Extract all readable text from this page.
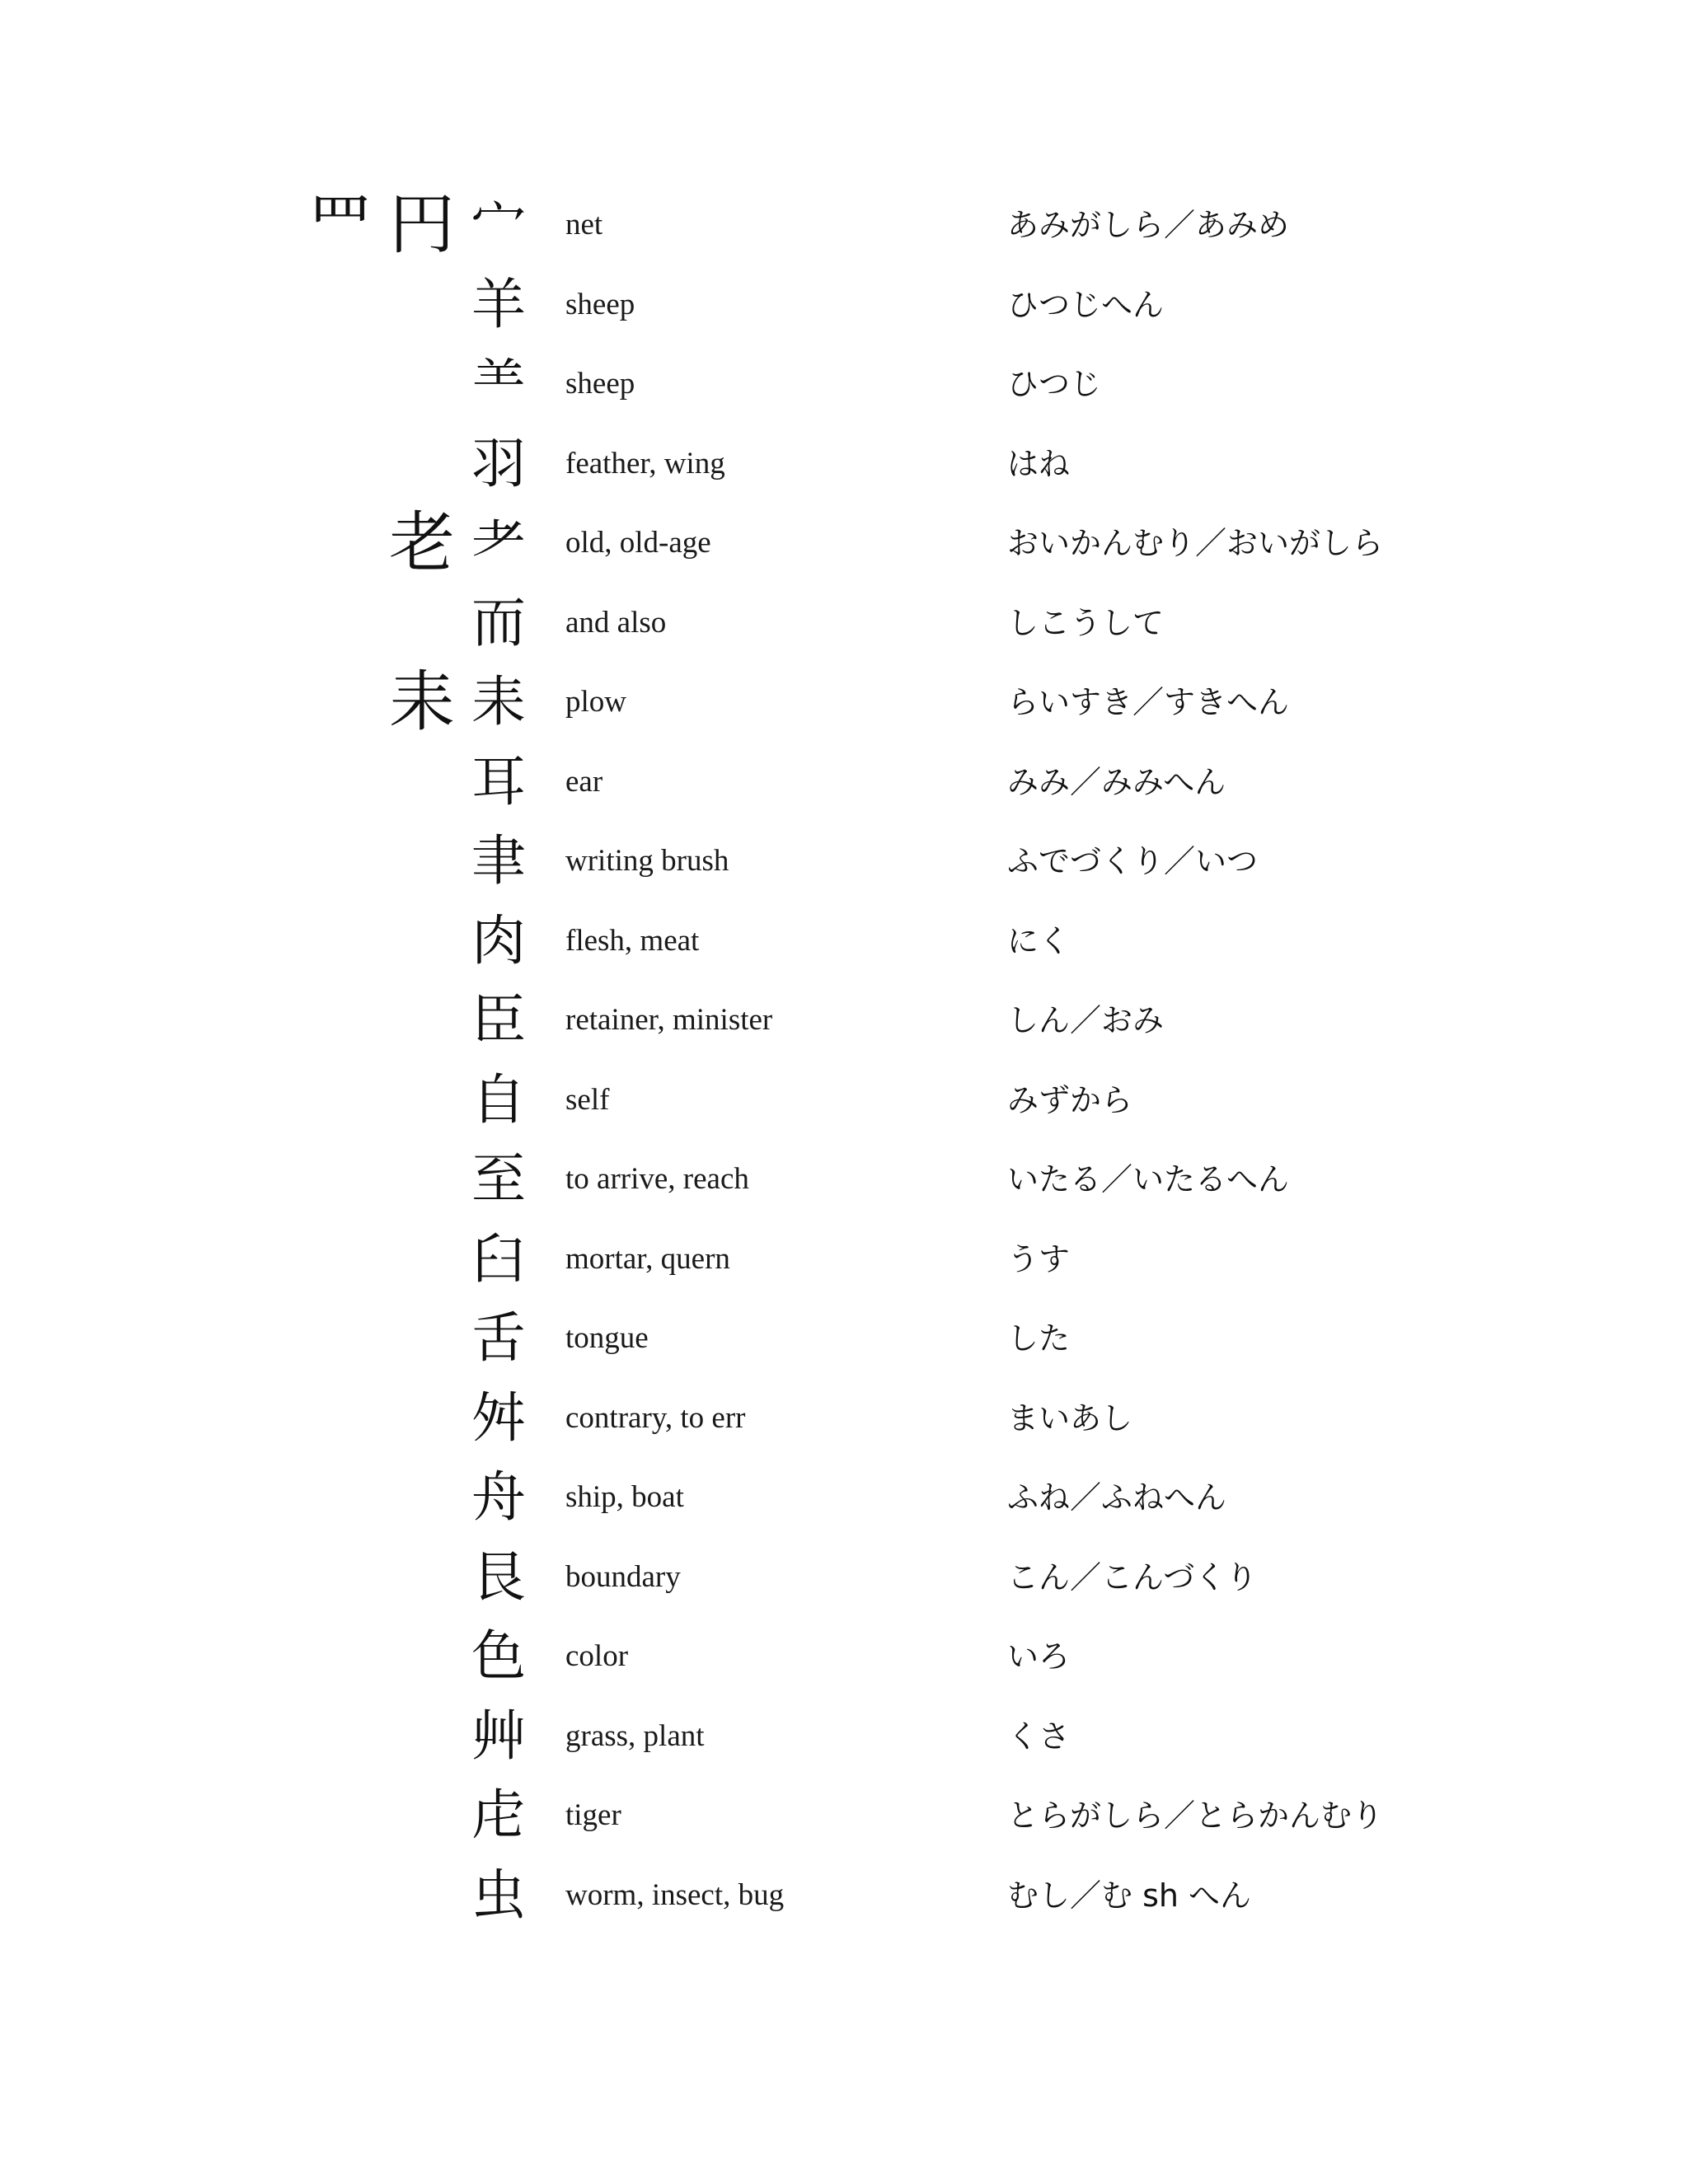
罒 円 宀 net	あみがしら／あみめ
羊 sheep	ひつじへん
⺷ sheep	ひつじ
羽 feather, wing	はね
老 耂 old, old-age	おいかんむり／おいがしら
而 and also	しこうして
耒 耒 plow	らいすき／すきへん
耳 ear	みみ／みみへん
聿 writing brush	ふでづくり／いつ
肉 flesh, meat	にく
臣 retainer, minister	しん／おみ
自 self	みずから
至 to arrive, reach	いたる／いたるへん
臼 mortar, quern	うす
舌 tongue	した
舛 contrary, to err	まいあし
舟 ship, boat	ふね／ふねへん
艮 boundary	こん／こんづくり
色 color	いろ
艸 grass, plant	くさ
虍 tiger	とらがしら／とらかんむり
虫 worm, insect, bug	むし／む sh へん
